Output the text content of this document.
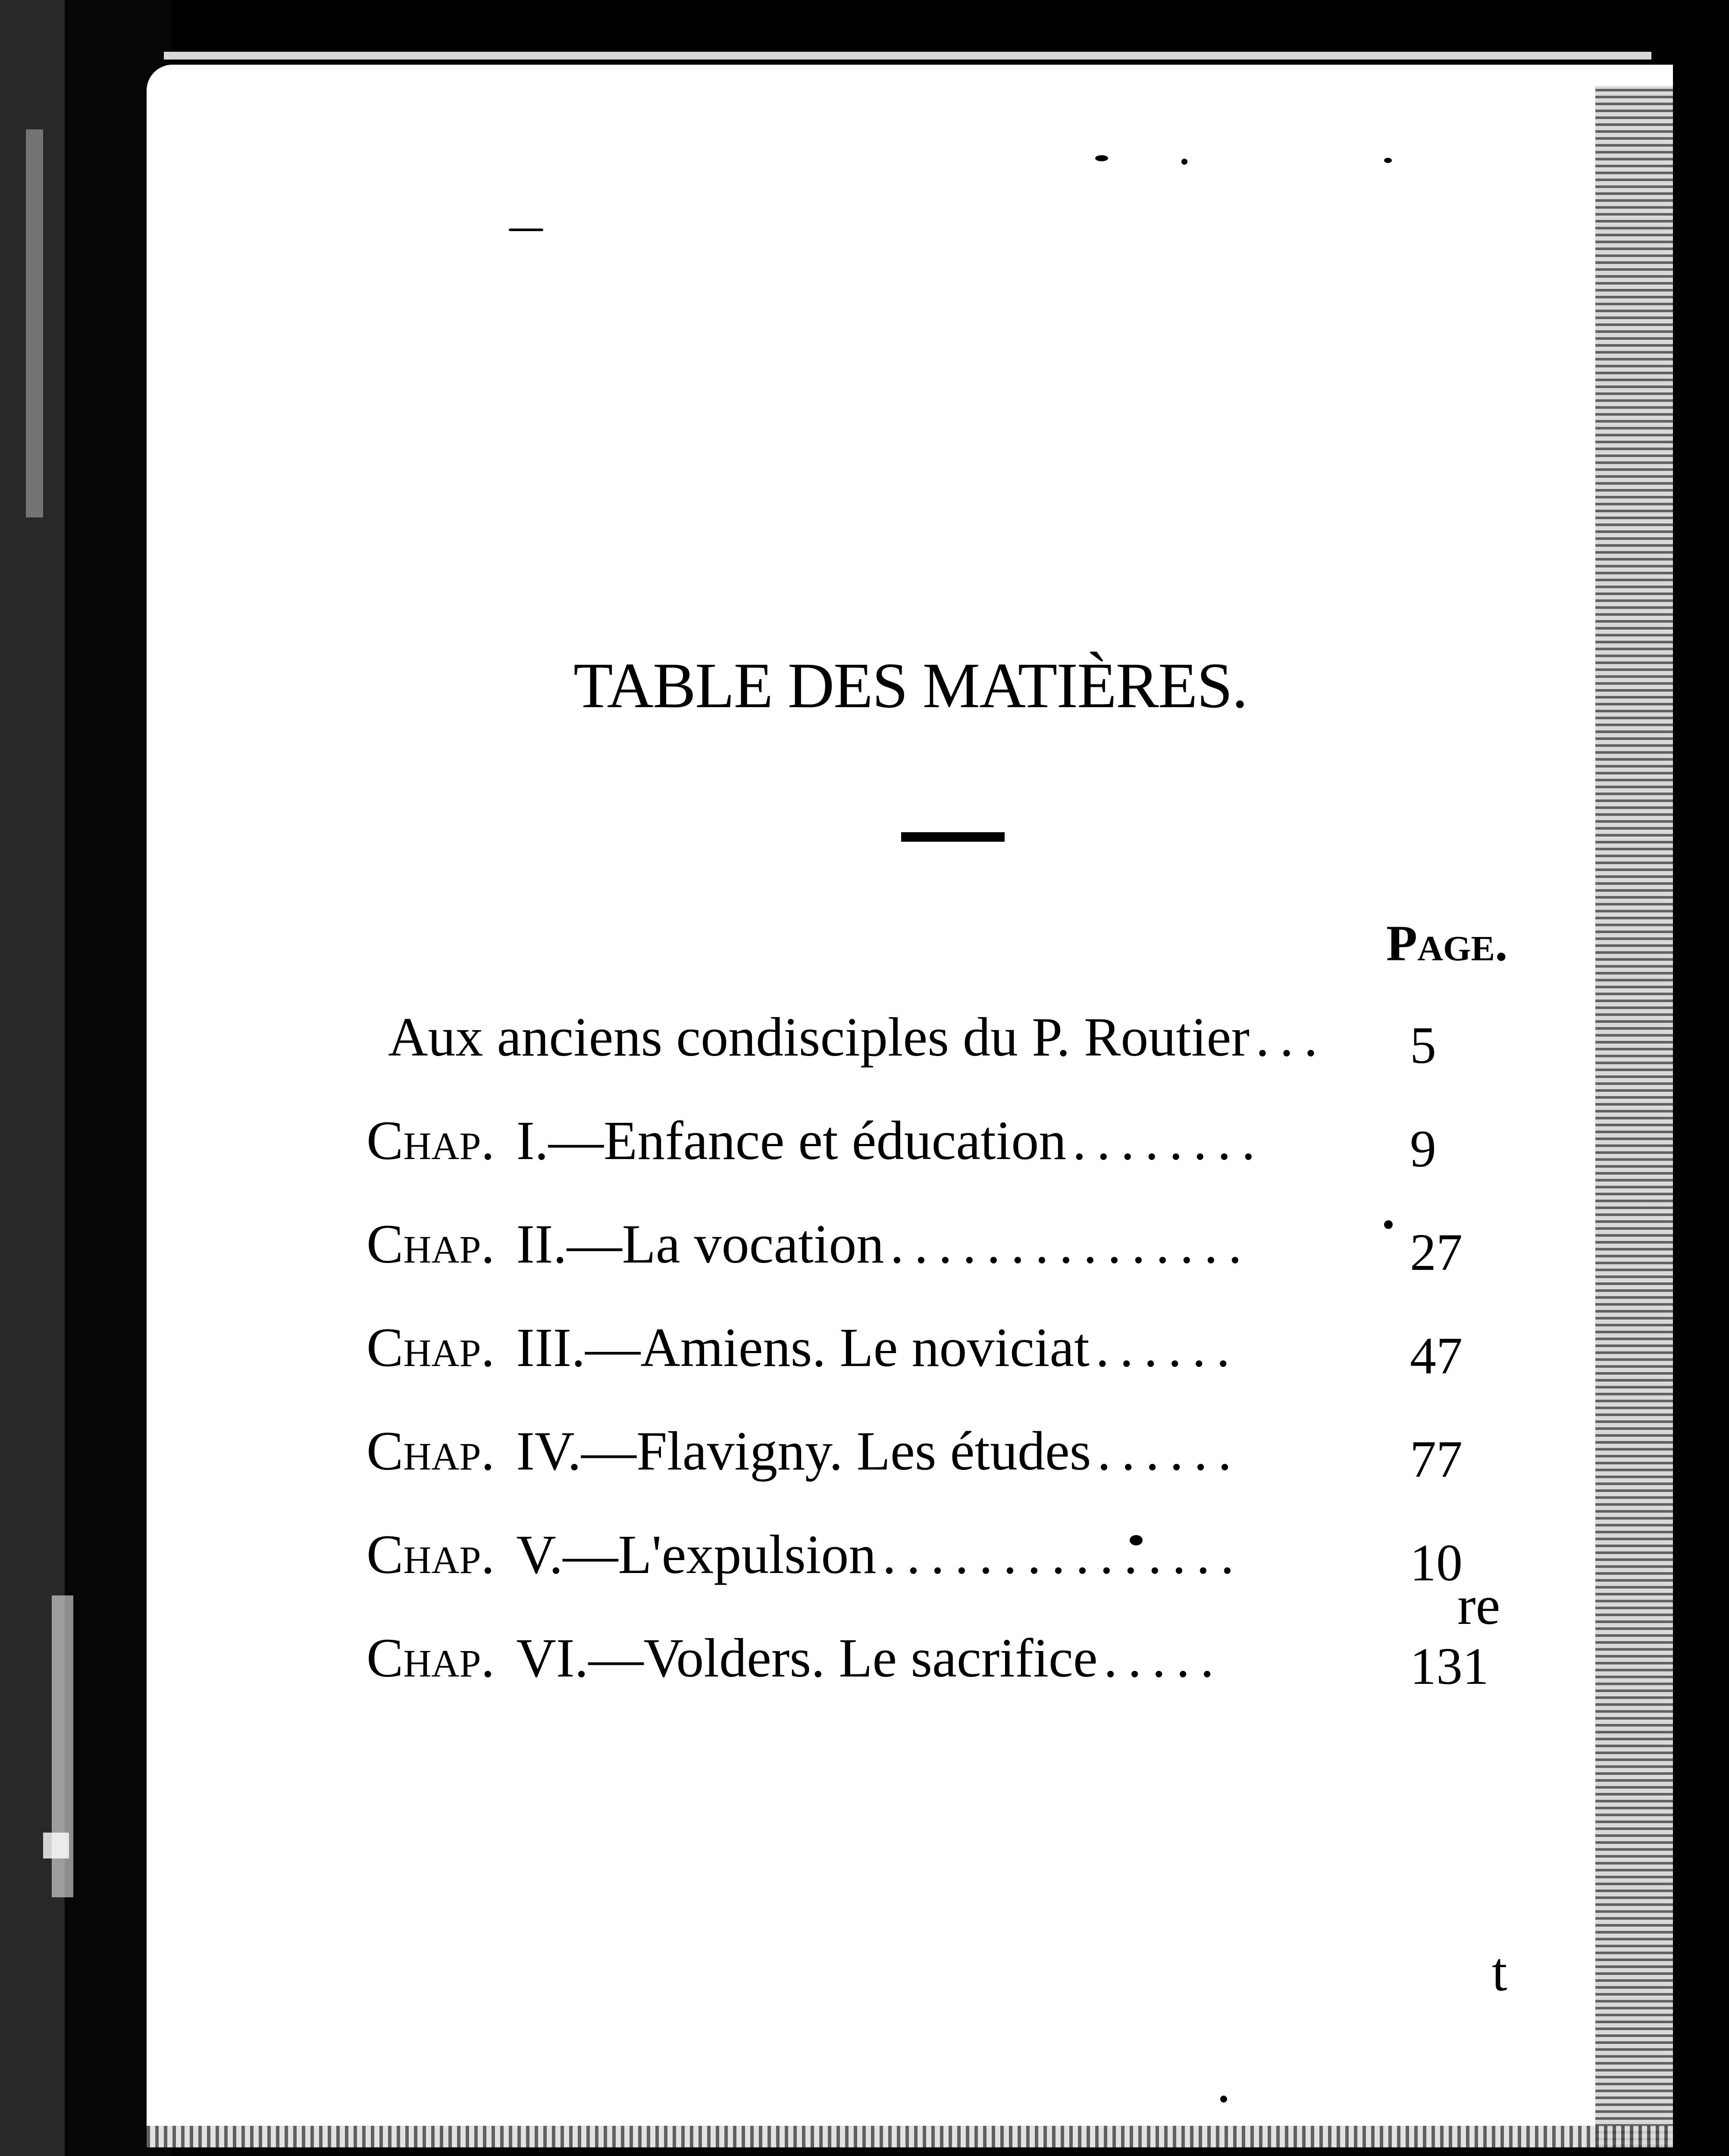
TABLE DES MATIÈRES.
Page.
Aux anciens condisciples du P. Routier ...	5
Chap. I.—Enfance et éducation ........	9
Chap. II.—La vocation ...............	27
Chap. III.—Amiens. Le noviciat ......	47
Chap. IV.—Flavigny. Les études ......	77
Chap. V.—L'expulsion ...............	10
Chap. VI.—Volders. Le sacrifice .....	131
re
t
